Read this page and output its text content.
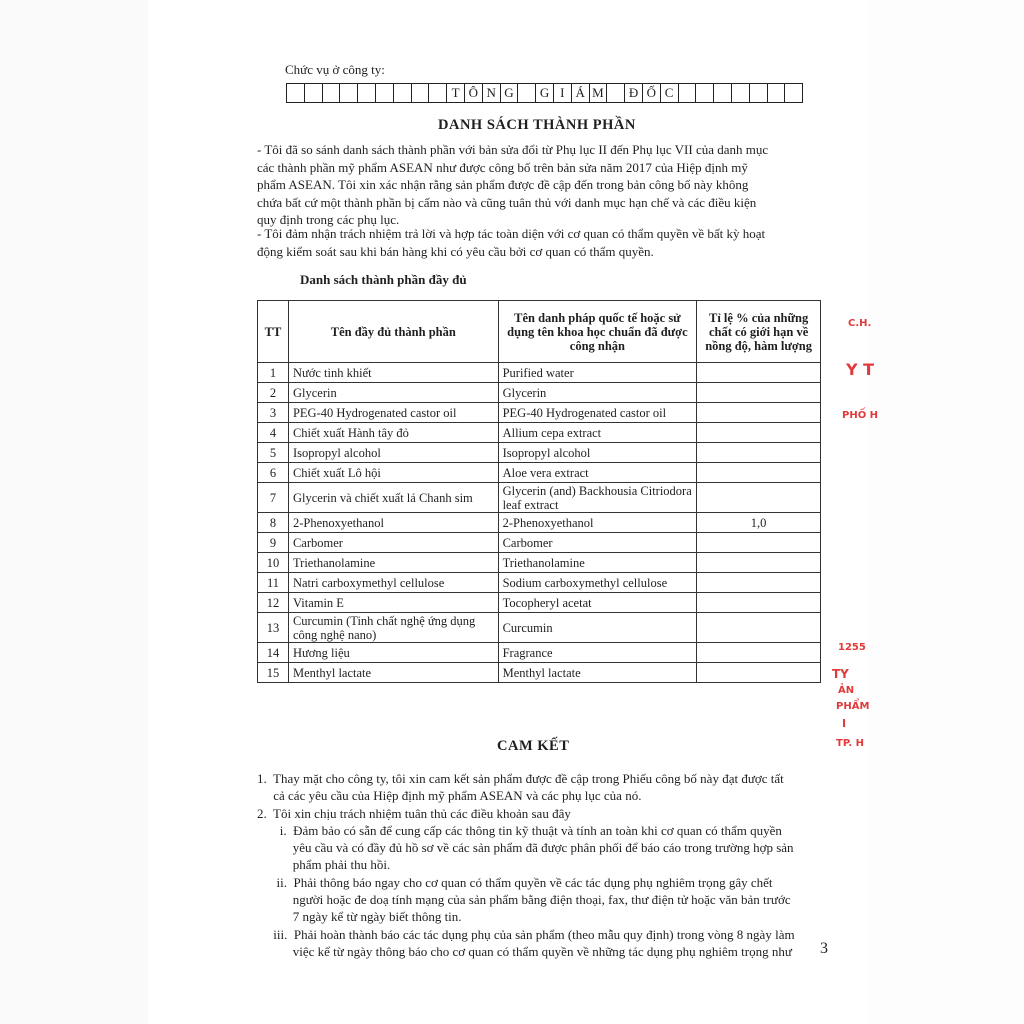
Chức vụ ở công ty:
T Ô N G	G I Á M Đ Ố C
DANH SÁCH THÀNH PHẦN
- Tôi đã so sánh danh sách thành phần với bản sửa đổi từ Phụ lục II đến Phụ lục VII của danh mục
các thành phần mỹ phẩm ASEAN như được công bố trên bản sửa năm 2017 của Hiệp định mỹ
phẩm ASEAN. Tôi xin xác nhận rằng sản phẩm được đề cập đến trong bản công bố này không
chứa bất cứ một thành phần bị cấm nào và cũng tuân thủ với danh mục hạn chế và các điều kiện
quy định trong các phụ lục.
- Tôi đảm nhận trách nhiệm trả lời và hợp tác toàn diện với cơ quan có thẩm quyền về bất kỳ hoạt
động kiểm soát sau khi bán hàng khi có yêu cầu bởi cơ quan có thẩm quyền.
Danh sách thành phần đầy đủ
TT	Tên đầy đủ thành phần	Tên danh pháp quốc tế hoặc sử dụng tên khoa học chuẩn đã được công nhận	Tỉ lệ % của những chất có giới hạn về nồng độ, hàm lượng
1	Nước tinh khiết	Purified water	
2	Glycerin	Glycerin	
3	PEG-40 Hydrogenated castor oil	PEG-40 Hydrogenated castor oil	
4	Chiết xuất Hành tây đỏ	Allium cepa extract	
5	Isopropyl alcohol	Isopropyl alcohol	
6	Chiết xuất Lô hội	Aloe vera extract	
7	Glycerin và chiết xuất lá Chanh sim	Glycerin (and) Backhousia Citriodora leaf extract	
8	2-Phenoxyethanol	2-Phenoxyethanol	1,0
9	Carbomer	Carbomer	
10	Triethanolamine	Triethanolamine	
11	Natri carboxymethyl cellulose	Sodium carboxymethyl cellulose	
12	Vitamin E	Tocopheryl acetat	
13	Curcumin (Tinh chất nghệ ứng dụng công nghệ nano)	Curcumin	
14	Hương liệu	Fragrance	
15	Menthyl lactate	Menthyl lactate	
CAM KẾT
1.  Thay mặt cho công ty, tôi xin cam kết sản phẩm được đề cập trong Phiếu công bố này đạt được tất
cả các yêu cầu của Hiệp định mỹ phẩm ASEAN và các phụ lục của nó.
2.  Tôi xin chịu trách nhiệm tuân thủ các điều khoản sau đây
i.  Đảm bảo có sẵn để cung cấp các thông tin kỹ thuật và tính an toàn khi cơ quan có thẩm quyền
yêu cầu và có đầy đủ hồ sơ về các sản phẩm đã được phân phối để báo cáo trong trường hợp sản
phẩm phải thu hồi.
ii.  Phải thông báo ngay cho cơ quan có thẩm quyền về các tác dụng phụ nghiêm trọng gây chết
người hoặc đe doạ tính mạng của sản phẩm bằng điện thoại, fax, thư điện tử hoặc văn bản trước
7 ngày kể từ ngày biết thông tin.
iii.  Phải hoàn thành báo các tác dụng phụ của sản phẩm (theo mẫu quy định) trong vòng 8 ngày làm
việc kể từ ngày thông báo cho cơ quan có thẩm quyền về những tác dụng phụ nghiêm trọng như
C.H.
Y T
PHỐ H
1255
TY
ẢN
PHẨM
I
TP. H
3
